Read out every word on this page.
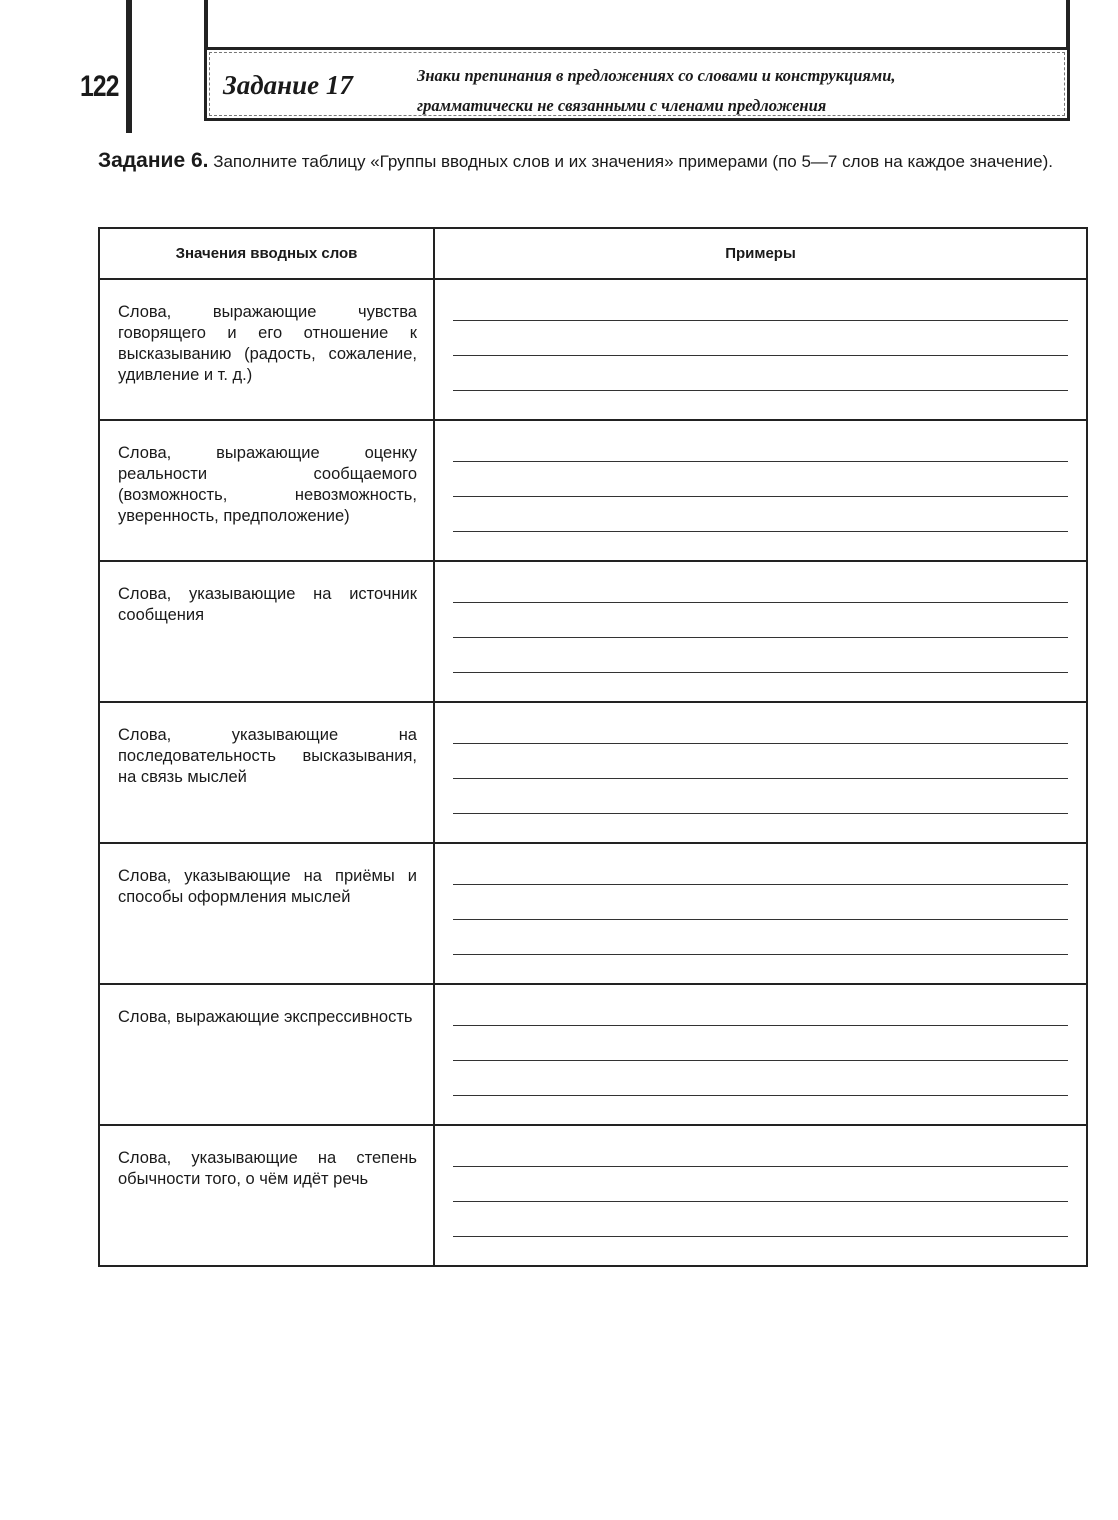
122	Задание 17	Знаки препинания в предложениях со словами и конструкциями,
грамматически не связанными с членами предложения
Задание 6. Заполните таблицу «Группы вводных слов и их значения» примерами (по 5—7 слов на каждое значение).
Значения вводных слов	Примеры

Слова, выражающие чувства говорящего и его отношение к высказыванию (радость, сожаление, удивление и т. д.)	

Слова, выражающие оценку реальности сообщаемого (возможность, невозможность, уверенность, предположение)	

Слова, указывающие на источник сообщения	

Слова, указывающие на последовательность высказывания, на связь мыслей	

Слова, указывающие на приёмы и способы оформления мыслей	

Слова, выражающие экспрессивность	

Слова, указывающие на степень обычности того, о чём идёт речь	
